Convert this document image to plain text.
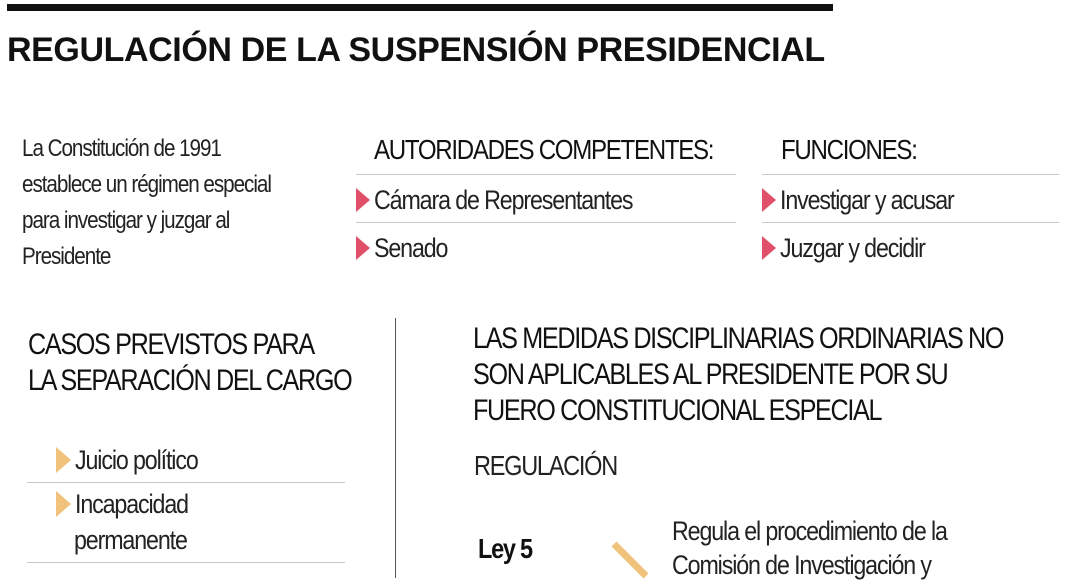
REGULACIÓN DE LA SUSPENSIÓN PRESIDENCIAL
La Constitución de 1991 establece un régimen especial para investigar y juzgar al Presidente
AUTORIDADES COMPETENTES:
Cámara de Representantes
Senado
FUNCIONES:
Investigar y acusar
Juzgar y decidir
CASOS PREVISTOS PARA
LA SEPARACIÓN DEL CARGO
Juicio político
Incapacidad
permanente
LAS MEDIDAS DISCIPLINARIAS ORDINARIAS NO SON APLICABLES AL PRESIDENTE POR SU FUERO CONSTITUCIONAL ESPECIAL
REGULACIÓN
Ley 5
Regula el procedimiento de la Comisión de Investigación y
